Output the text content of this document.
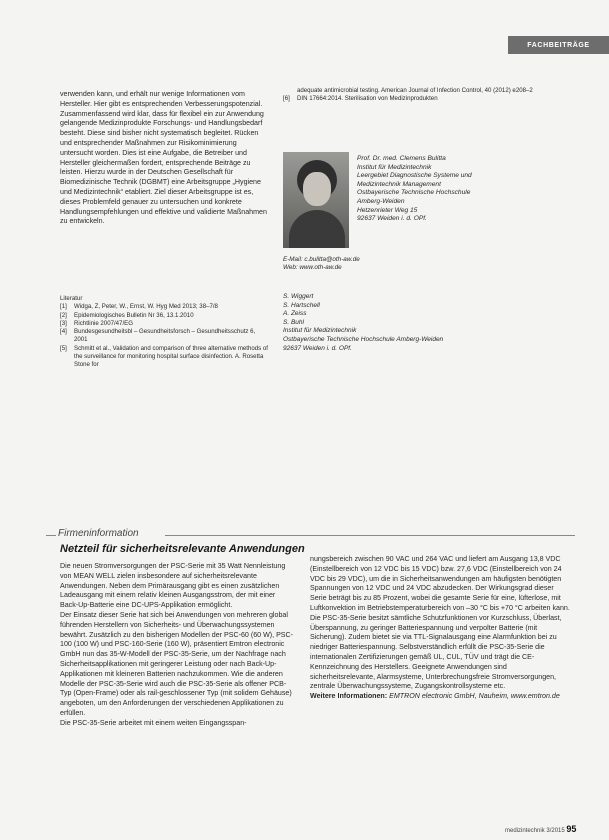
FACHBEITRÄGE

verwenden kann, und erhält nur wenige Informationen vom Hersteller. Hier gibt es entsprechenden Verbesserungspotenzial. Zusammenfassend wird klar, dass für flexibel ein zur Anwendung gelangende Medizinprodukte Forschungs- und Handlungsbedarf besteht. Diese sind bisher nicht systematisch begleitet. Rücken und entsprechender Maßnahmen zur Risikominimierung untersucht worden. Dies ist eine Aufgabe, die Betreiber und Hersteller gleichermaßen fordert, entsprechende Beiträge zu leisten. Hierzu wurde in der Deutschen Gesellschaft für Biomedizinische Technik (DGBMT) eine Arbeitsgruppe „Hygiene und Medizintechnik“ etabliert. Ziel dieser Arbeitsgruppe ist es, dieses Problemfeld genauer zu untersuchen und konkrete Handlungsempfehlungen und effektive und validierte Maßnahmen zu entwickeln.

Literatur

[1]	Widga, Z, Peter, W., Ernst, W. Hyg Med 2013; 38–7/8
[2]	Epidemiologisches Bulletin Nr 36, 13.1.2010
[3]	Richtlinie 2007/47/EG
[4]	Bundesgesundheitsbl – Gesundheitsforsch – Gesundheitsschutz 6, 2001
[5]	Schmitt et al., Validation and comparison of three alternative methods of the surveillance for monitoring hospital surface disinfection. A. Rosetta Stone for
adequate antimicrobial testing. American Journal of Infection Control, 40 (2012) e208–2
[6]	DIN 17664:2014. Sterilisation von Medizinprodukten

Prof. Dr. med. Clemens Bulitta

Institut für Medizintechnik

Leergebiet Diagnostische Systeme und

Medizintechnik Management

Ostbayerische Technische Hochschule

Amberg-Weiden

Hetzenrieter Weg 15

92637 Weiden i. d. OPf.

E-Mail: c.bulitta@oth-aw.de

Web: www.oth-aw.de

S. Wiggert

S. Hartschell

A. Zeiss

S. Buhl

Institut für Medizintechnik

Ostbayerische Technische Hochschule Amberg-Weiden

92637 Weiden i. d. OPf.

Firmeninformation
Netzteil für sicherheitsrelevante Anwendungen

Die neuen Stromversorgungen der PSC-Serie mit 35 Watt Nennleistung von MEAN WELL zielen insbesondere auf sicherheitsrelevante Anwendungen. Neben dem Primärausgang gibt es einen zusätzlichen Ladeausgang mit einem relativ kleinen Ausgangsstrom, der mit einer Back-Up-Batterie eine DC-UPS-Applikation ermöglicht.

Der Einsatz dieser Serie hat sich bei Anwendungen von mehreren global führenden Herstellern von Sicherheits- und Überwachungssystemen bewährt. Zusätzlich zu den bisherigen Modellen der PSC-60 (60 W), PSC-100 (100 W) und PSC-160-Serie (160 W), präsentiert Emtron electronic GmbH nun das 35-W-Modell der PSC-35-Serie, um der Nachfrage nach Sicherheitsapplikationen mit geringerer Leistung oder nach Back-Up-Applikationen mit kleineren Batterien nachzukommen. Wie die anderen Modelle der PSC-35-Serie wird auch die PSC-35-Serie als offener PCB-Typ (Open-Frame) oder als rail-geschlossener Typ (mit solidem Gehäuse) angeboten, um den Anforderungen der verschiedenen Applikationen zu erfüllen.

Die PSC-35-Serie arbeitet mit einem weiten Eingangsspan-

nungsbereich zwischen 90 VAC und 264 VAC und liefert am Ausgang 13,8 VDC (Einstellbereich von 12 VDC bis 15 VDC) bzw. 27,6 VDC (Einstellbereich von 24 VDC bis 29 VDC), um die in Sicherheitsanwendungen am häufigsten benötigten Spannungen von 12 VDC und 24 VDC abzudecken. Der Wirkungsgrad dieser Serie beträgt bis zu 85 Prozent, wobei die gesamte Serie für eine, lüfterlose, mit Luftkonvektion im Betriebstemperaturbereich von –30 °C bis +70 °C arbeiten kann. Die PSC-35-Serie besitzt sämtliche Schutzfunktionen vor Kurzschluss, Überlast, Überspannung, zu geringer Batteriespannung und verpolter Batterie (mit Sicherung). Zudem bietet sie via TTL-Signalausgang eine Alarmfunktion bei zu niedriger Batteriespannung. Selbstverständlich erfüllt die PSC-35-Serie die internationalen Zertifizierungen gemäß UL, CUL, TÜV und trägt die CE-Kennzeichnung des Herstellers. Geeignete Anwendungen sind sicherheitsrelevante, Alarmsysteme, Unterbrechungsfreie Stromversorgungen, zentrale Überwachungssysteme, Zugangskontrollsysteme etc.

Weitere Informationen: EMTRON electronic GmbH, Nauheim, www.emtron.de

medizintechnik 3/2015 95
